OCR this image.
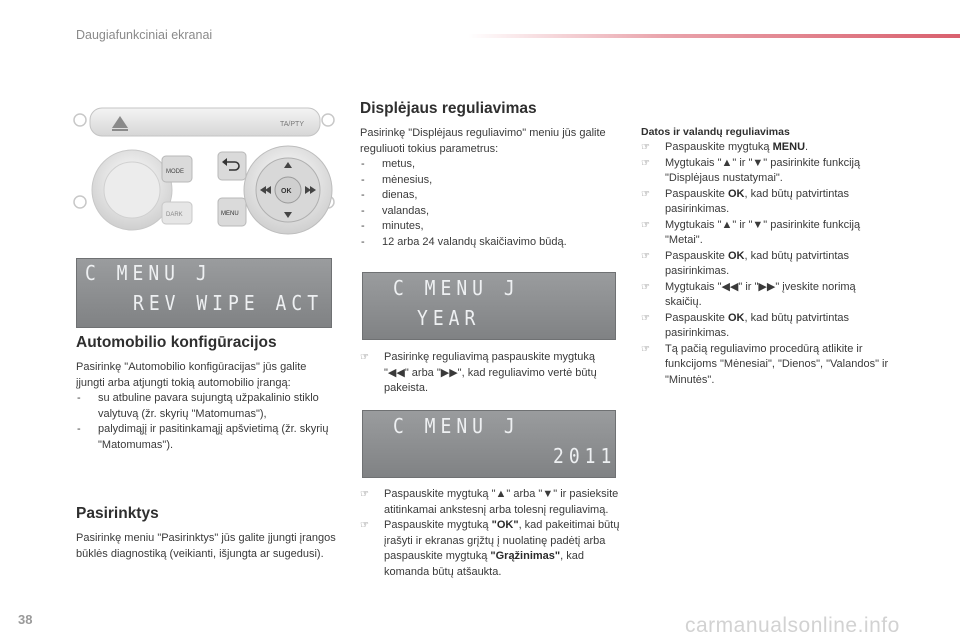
Daugiafunkciniai ekranai
TA/PTY
MODE
DARK	MENU
OK
C MENU J
REV WIPE ACT
Automobilio konfigūracijos

Pasirinkę "Automobilio konfigūracijas" jūs galite įjungti arba atjungti tokią automobilio įrangą:

- su atbuline pavara sujungtą užpakalinio stiklo valytuvą (žr. skyrių "Matomumas"),
- palydimąjį ir pasitinkamąjį apšvietimą (žr. skyrių "Matomumas").
Pasirinktys

Pasirinkę meniu "Pasirinktys" jūs galite įjungti įrangos būklės diagnostiką (veikianti, išjungta ar sugedusi).

Displėjaus reguliavimas

Pasirinkę "Displėjaus reguliavimo" meniu jūs galite reguliuoti tokius parametrus:

- metus,
- mėnesius,
- dienas,
- valandas,
- minutes,
- 12 arba 24 valandų skaičiavimo būdą.
C MENU J
YEAR
☞ Pasirinkę reguliavimą paspauskite mygtuką "◀◀" arba "▶▶", kad reguliavimo vertė būtų pakeista.
C MENU J
2011
☞ Paspauskite mygtuką "▲" arba "▼" ir pasieksite atitinkamai ankstesnį arba tolesnį reguliavimą.
☞ Paspauskite mygtuką "OK", kad pakeitimai būtų įrašyti ir ekranas grįžtų į nuolatinę padėtį arba paspauskite mygtuką "Grąžinimas", kad komanda būtų atšaukta.
Datos ir valandų reguliavimas
☞ Paspauskite mygtuką MENU.
☞ Mygtukais "▲" ir "▼" pasirinkite funkciją "Displėjaus nustatymai".
☞ Paspauskite OK, kad būtų patvirtintas pasirinkimas.
☞ Mygtukais "▲" ir "▼" pasirinkite funkciją "Metai".
☞ Paspauskite OK, kad būtų patvirtintas pasirinkimas.
☞ Mygtukais "◀◀" ir "▶▶" įveskite norimą skaičių.
☞ Paspauskite OK, kad būtų patvirtintas pasirinkimas.
☞ Tą pačią reguliavimo procedūrą atlikite ir funkcijoms "Mėnesiai", "Dienos", "Valandos" ir "Minutės".
38	carmanualsonline.info
